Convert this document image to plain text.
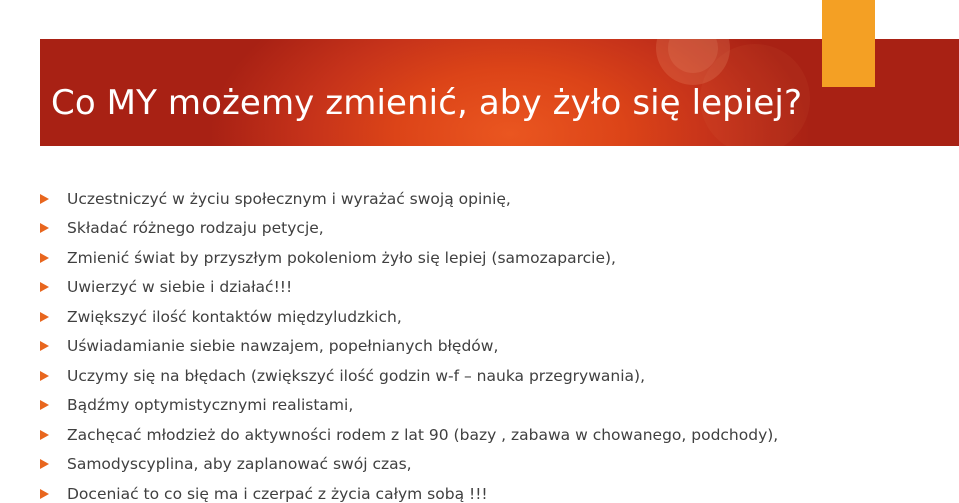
Co MY możemy zmienić, aby żyło się lepiej?
Uczestniczyć w życiu społecznym i wyrażać swoją opinię,
Składać różnego rodzaju petycje,
Zmienić świat by przyszłym pokoleniom żyło się lepiej (samozaparcie),
Uwierzyć w siebie i działać!!!
Zwiększyć ilość kontaktów międzyludzkich,
Uświadamianie siebie nawzajem, popełnianych błędów,
Uczymy się na błędach (zwiększyć ilość godzin w-f – nauka przegrywania),
Bądźmy optymistycznymi realistami,
Zachęcać młodzież do aktywności rodem z lat 90 (bazy , zabawa w chowanego, podchody),
Samodyscyplina, aby zaplanować swój czas,
Doceniać to co się ma i czerpać z życia całym sobą !!!
